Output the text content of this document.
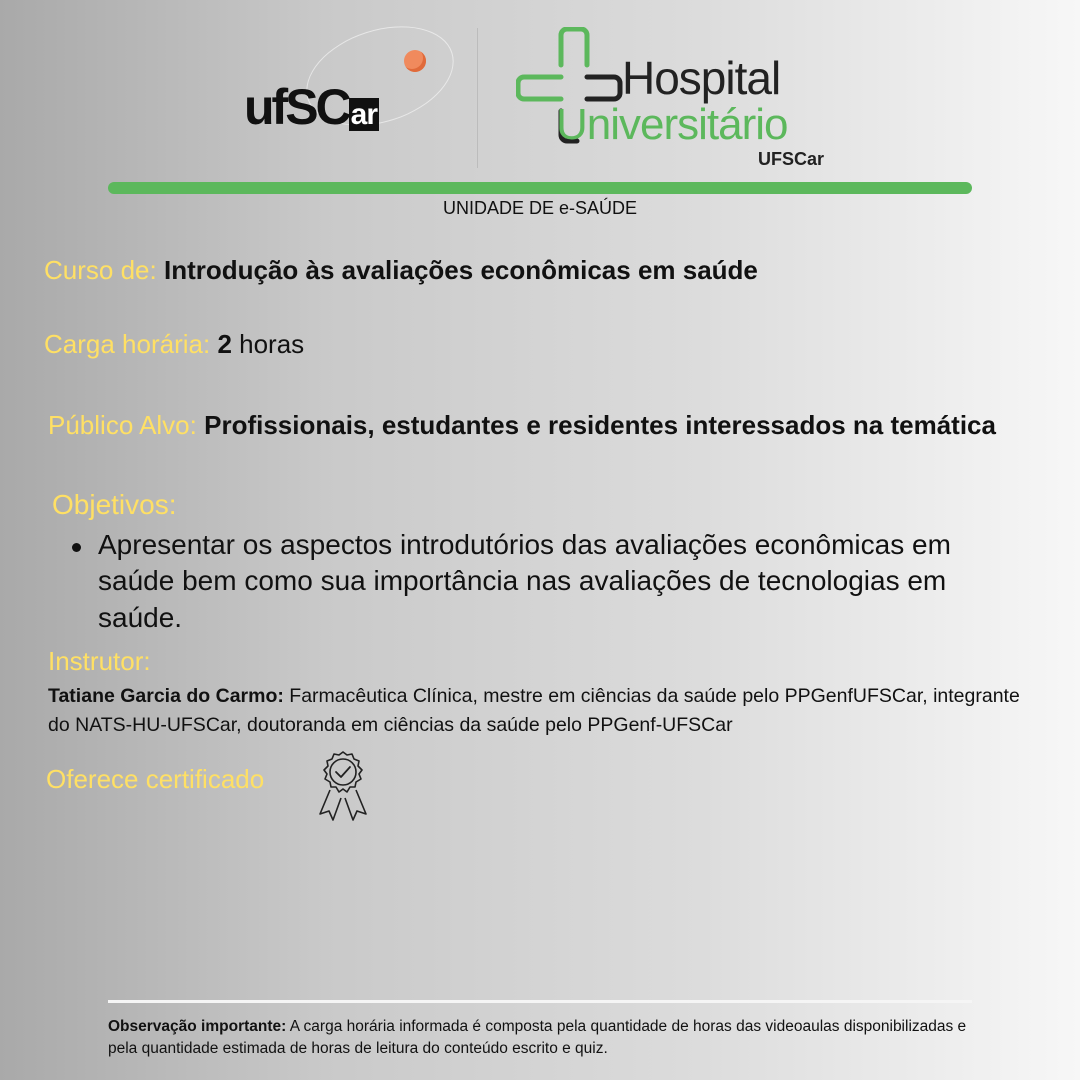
ufSCar
Hospital
Universitário
UFSCar
UNIDADE DE e-SAÚDE
Curso de: Introdução às avaliações econômicas em saúde
Carga horária: 2 horas
Público Alvo: Profissionais, estudantes e residentes interessados na temática
Objetivos:
Apresentar os aspectos introdutórios das avaliações econômicas em saúde bem como sua importância nas avaliações de tecnologias em saúde.
Instrutor:
Tatiane Garcia do Carmo: Farmacêutica Clínica, mestre em ciências da saúde pelo PPGenfUFSCar, integrante do NATS-HU-UFSCar, doutoranda em ciências da saúde pelo PPGenf-UFSCar
Oferece certificado
Observação importante: A carga horária informada é composta pela quantidade de horas das videoaulas disponibilizadas e pela quantidade estimada de horas de leitura do conteúdo escrito e quiz.
